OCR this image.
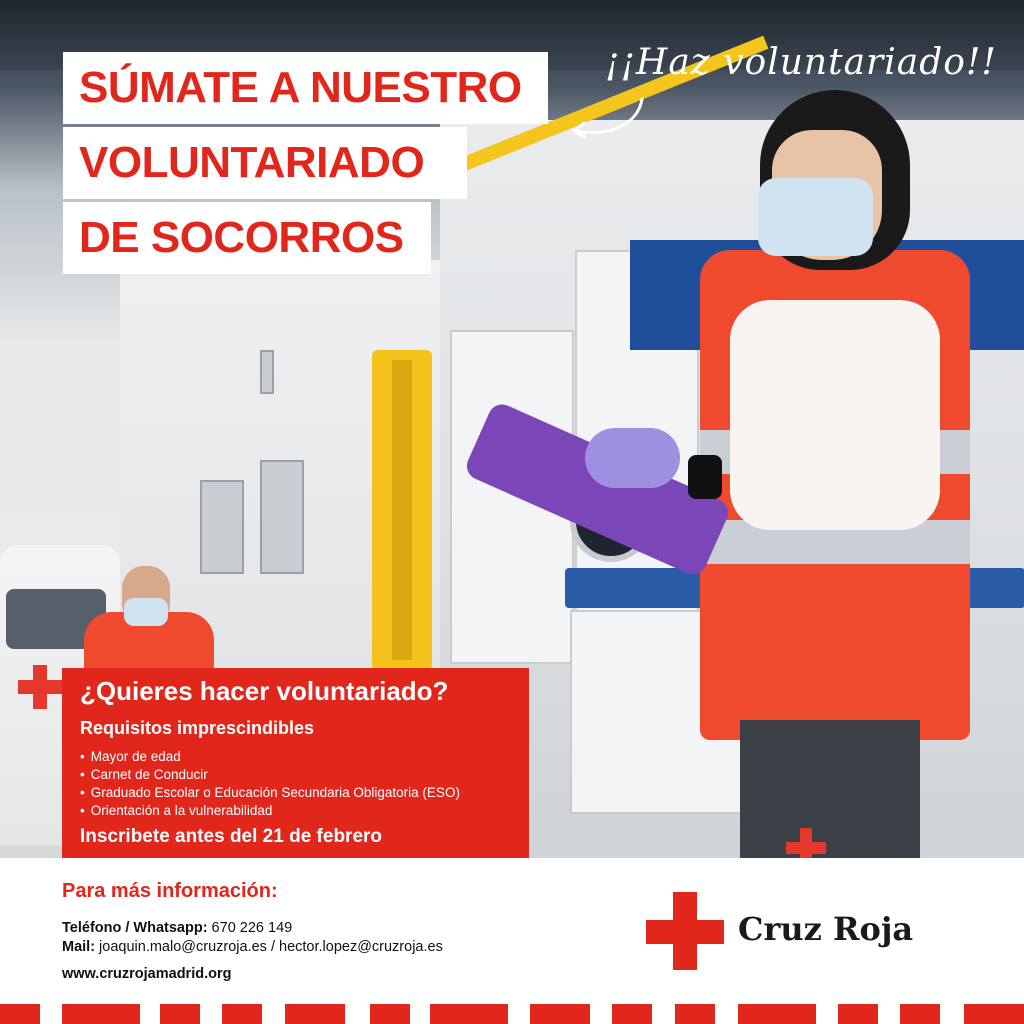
SÚMATE A NUESTRO
VOLUNTARIADO
DE SOCORROS
¡¡Haz voluntariado!!
¿Quieres hacer voluntariado?
Requisitos imprescindibles
• Mayor de edad
• Carnet de Conducir
• Graduado Escolar o Educación Secundaria Obligatoria (ESO)
• Orientación a la vulnerabilidad
Inscribete antes del 21 de febrero
Para más información:
Teléfono / Whatsapp: 670 226 149
Mail: joaquin.malo@cruzroja.es / hector.lopez@cruzroja.es
www.cruzrojamadrid.org
Cruz Roja
